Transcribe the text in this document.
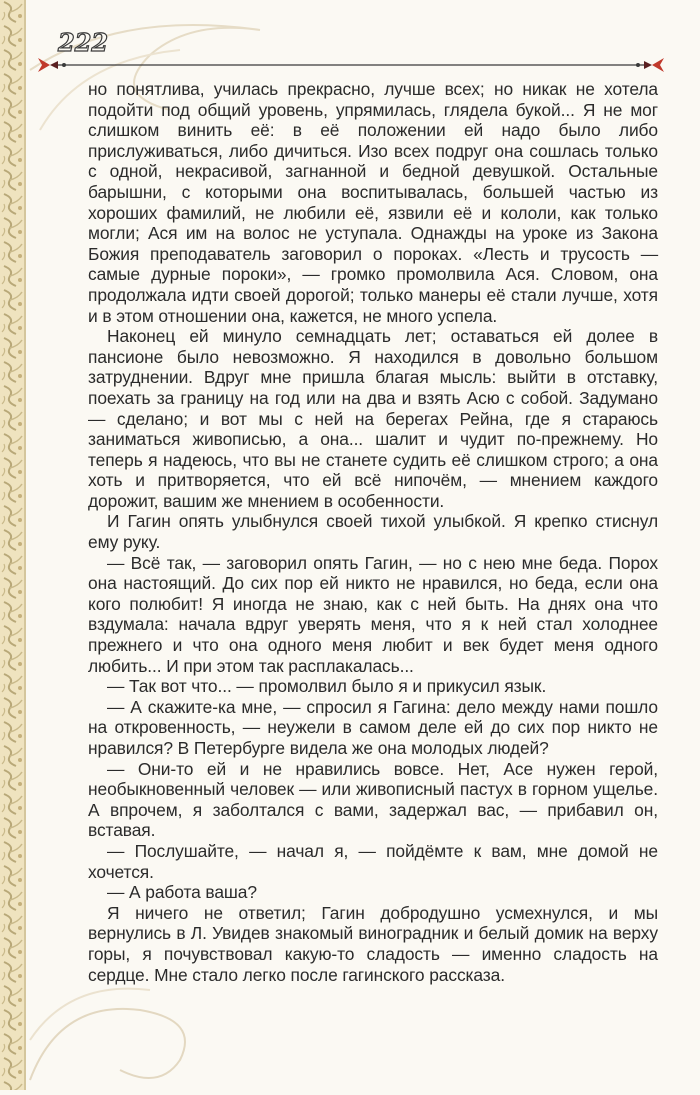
222

но понятлива, училась прекрасно, лучше всех; но никак не хотела подойти под общий уровень, упрямилась, глядела букой... Я не мог слишком винить её: в её положении ей надо было либо прислуживаться, либо дичиться. Изо всех подруг она сошлась только с одной, некрасивой, загнанной и бедной девушкой. Остальные барышни, с которыми она воспитывалась, большей частью из хороших фамилий, не любили её, язвили её и кололи, как только могли; Ася им на волос не уступала. Однажды на уроке из Закона Божия преподаватель заговорил о пороках. «Лесть и трусость — самые дурные пороки», — громко промолвила Ася. Словом, она продолжала идти своей дорогой; только манеры её стали лучше, хотя и в этом отношении она, кажется, не много успела.

Наконец ей минуло семнадцать лет; оставаться ей долее в пансионе было невозможно. Я находился в довольно большом затруднении. Вдруг мне пришла благая мысль: выйти в отставку, поехать за границу на год или на два и взять Асю с собой. Задумано — сделано; и вот мы с ней на берегах Рейна, где я стараюсь заниматься живописью, а она... шалит и чудит по-прежнему. Но теперь я надеюсь, что вы не станете судить её слишком строго; а она хоть и притворяется, что ей всё нипочём, — мнением каждого дорожит, вашим же мнением в особенности.

И Гагин опять улыбнулся своей тихой улыбкой. Я крепко стиснул ему руку.

— Всё так, — заговорил опять Гагин, — но с нею мне беда. Порох она настоящий. До сих пор ей никто не нравился, но беда, если она кого полюбит! Я иногда не знаю, как с ней быть. На днях она что вздумала: начала вдруг уверять меня, что я к ней стал холоднее прежнего и что она одного меня любит и век будет меня одного любить... И при этом так расплакалась...

— Так вот что... — промолвил было я и прикусил язык.

— А скажите-ка мне, — спросил я Гагина: дело между нами пошло на откровенность, — неужели в самом деле ей до сих пор никто не нравился? В Петербурге видела же она молодых людей?

— Они-то ей и не нравились вовсе. Нет, Асе нужен герой, необыкновенный человек — или живописный пастух в горном ущелье. А впрочем, я заболтался с вами, задержал вас, — прибавил он, вставая.

— Послушайте, — начал я, — пойдёмте к вам, мне домой не хочется.

— А работа ваша?

Я ничего не ответил; Гагин добродушно усмехнулся, и мы вернулись в Л. Увидев знакомый виноградник и белый домик на верху горы, я почувствовал какую-то сладость — именно сладость на сердце. Мне стало легко после гагинского рассказа.
